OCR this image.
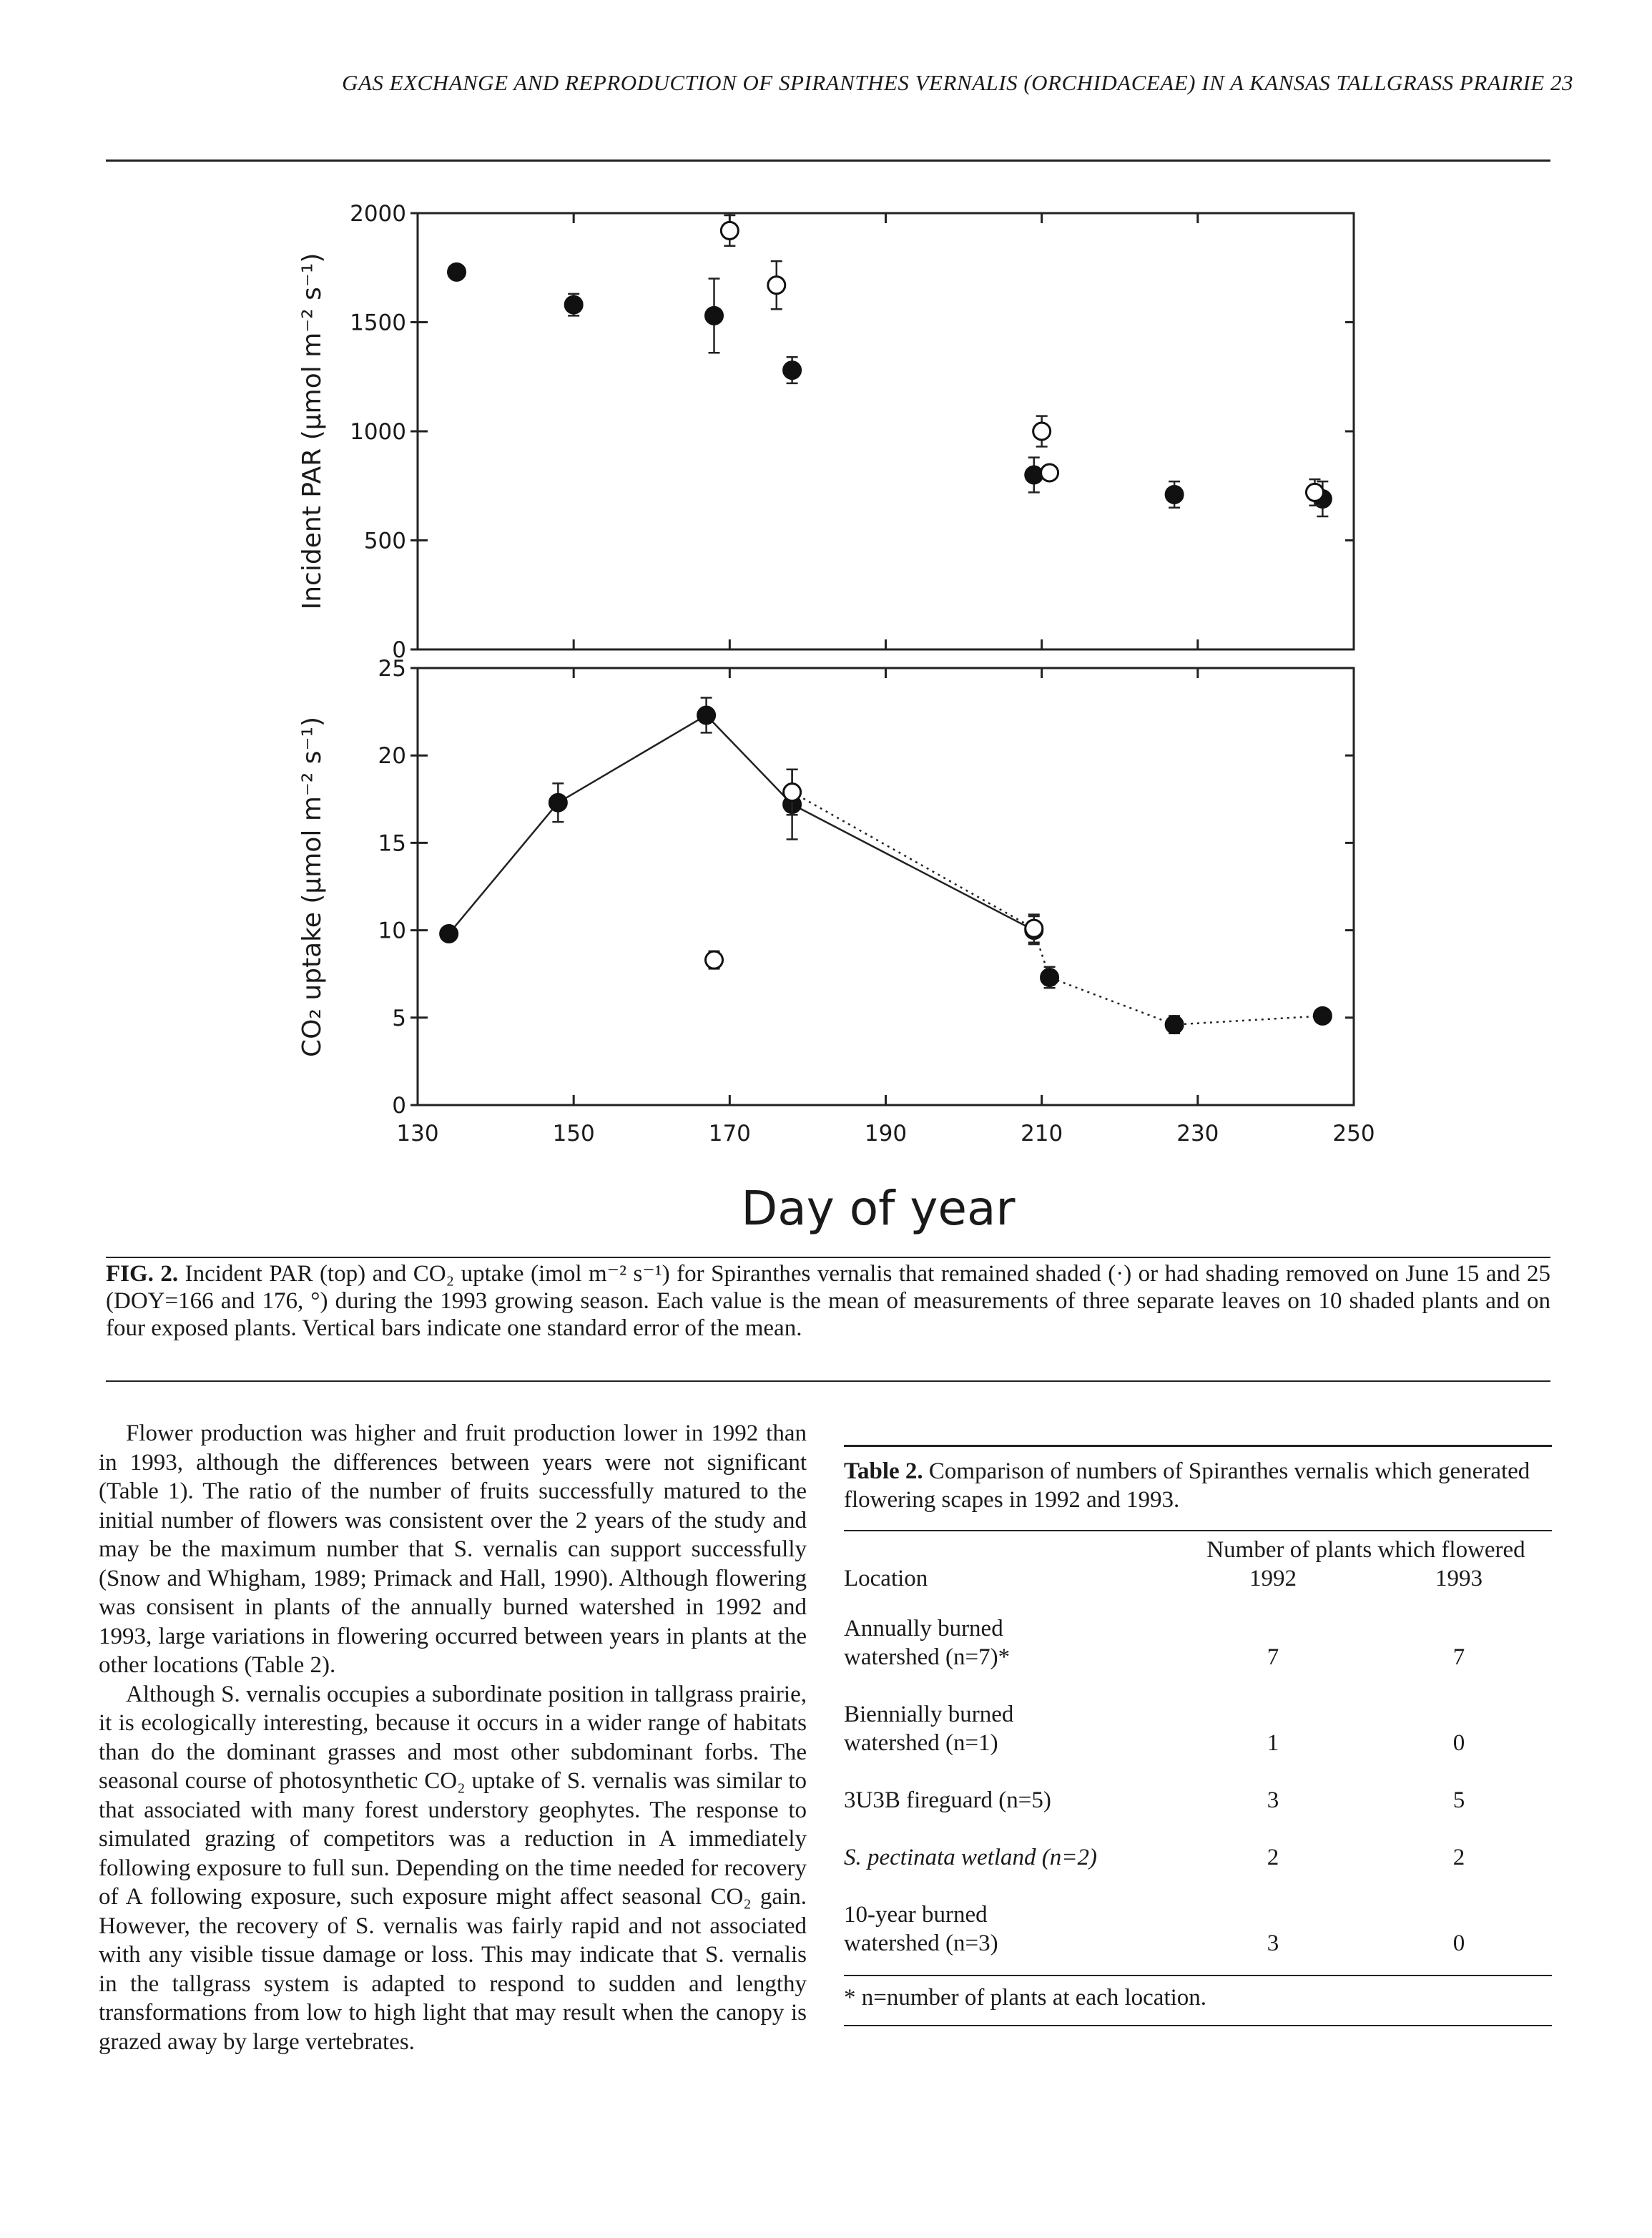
GAS EXCHANGE AND REPRODUCTION OF SPIRANTHES VERNALIS (ORCHIDACEAE) IN A KANSAS TALLGRASS PRAIRIE 23
0
500
1000
1500
2000
Incident PAR (μmol m⁻² s⁻¹)
0
5
10
15
20
25
130	150	170	190	210	230	250
CO₂ uptake (μmol m⁻² s⁻¹)
Day of year
FIG. 2. Incident PAR (top) and CO₂ uptake (imol m⁻² s⁻¹) for Spiranthes vernalis that remained shaded (·) or had shading removed on June 15 and 25 (DOY=166 and 176, °) during the 1993 growing season. Each value is the mean of measurements of three separate leaves on 10 shaded plants and on four exposed plants. Vertical bars indicate one standard error of the mean.

Flower production was higher and fruit production lower in 1992 than in 1993, although the differences between years were not significant (Table 1). The ratio of the number of fruits successfully matured to the initial number of flowers was consistent over the 2 years of the study and may be the maximum number that S. vernalis can support successfully (Snow and Whigham, 1989; Primack and Hall, 1990). Although flowering was consisent in plants of the annually burned watershed in 1992 and 1993, large variations in flowering occurred between years in plants at the other locations (Table 2).

Although S. vernalis occupies a subordinate position in tallgrass prairie, it is ecologically interesting, because it occurs in a wider range of habitats than do the dominant grasses and most other subdominant forbs. The seasonal course of photosynthetic CO₂ uptake of S. vernalis was similar to that associated with many forest understory geophytes. The response to simulated grazing of competitors was a reduction in A immediately following exposure to full sun. Depending on the time needed for recovery of A following exposure, such exposure might affect seasonal CO₂ gain. However, the recovery of S. vernalis was fairly rapid and not associated with any visible tissue damage or loss. This may indicate that S. vernalis in the tallgrass system is adapted to respond to sudden and lengthy transformations from low to high light that may result when the canopy is grazed away by large vertebrates.

Table 2. Comparison of numbers of Spiranthes vernalis which generated flowering scapes in 1992 and 1993.
	Number of plants which flowered	
Location	1992	1993

Annually burned
watershed (n=7)*	7	7

Biennially burned
watershed (n=1)	1	0

3U3B fireguard (n=5)	3	5

S. pectinata wetland (n=2)	2	2

10-year burned
watershed (n=3)	3	0
* n=number of plants at each location.
